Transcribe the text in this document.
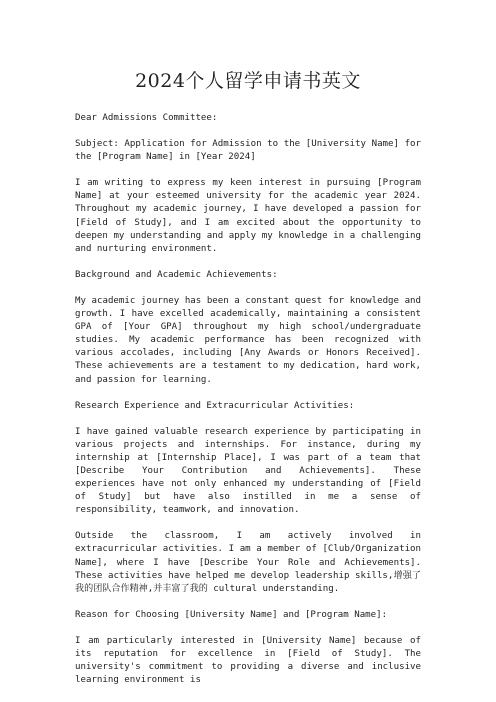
2024个人留学申请书英文

Dear Admissions Committee:

Subject: Application for Admission to the [University Name] for the [Program Name] in [Year 2024]

I am writing to express my keen interest in pursuing [Program Name] at your esteemed university for the academic year 2024. Throughout my academic journey, I have developed a passion for [Field of Study], and I am excited about the opportunity to deepen my understanding and apply my knowledge in a challenging and nurturing environment.

Background and Academic Achievements:

My academic journey has been a constant quest for knowledge and growth. I have excelled academically, maintaining a consistent GPA of [Your GPA] throughout my high school/undergraduate studies. My academic performance has been recognized with various accolades, including [Any Awards or Honors Received]. These achievements are a testament to my dedication, hard work, and passion for learning.

Research Experience and Extracurricular Activities:

I have gained valuable research experience by participating in various projects and internships. For instance, during my internship at [Internship Place], I was part of a team that [Describe Your Contribution and Achievements]. These experiences have not only enhanced my understanding of [Field of Study] but have also instilled in me a sense of responsibility, teamwork, and innovation.

Outside the classroom, I am actively involved in extracurricular activities. I am a member of [Club/Organization Name], where I have [Describe Your Role and Achievements]. These activities have helped me develop leadership skills,增强了我的团队合作精神,并丰富了我的 cultural understanding.

Reason for Choosing [University Name] and [Program Name]:

I am particularly interested in [University Name] because of its reputation for excellence in [Field of Study]. The university's commitment to providing a diverse and inclusive learning environment is
